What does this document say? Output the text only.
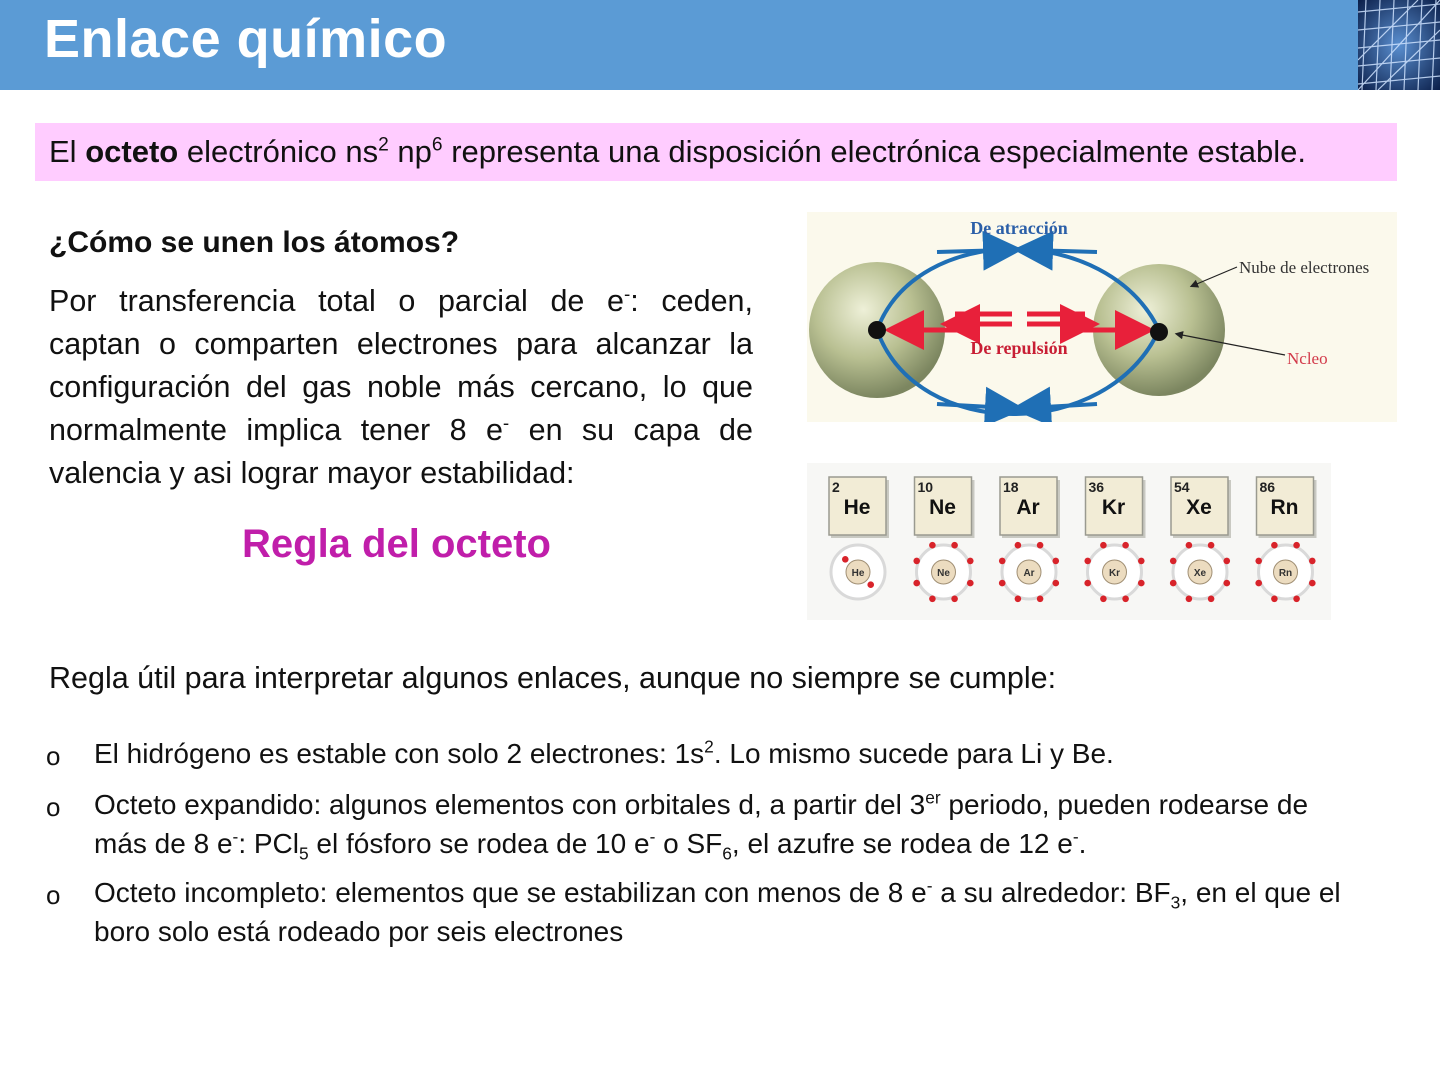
Enlace químico
El octeto electrónico $ns^2$ $np^6$ representa una disposición electrónica especialmente estable.
¿Cómo se unen los átomos?

Por transferencia total o parcial de e-: ceden, captan o comparten electrones para alcanzar la configuración del gas noble más cercano, lo que normalmente implica tener 8 e- en su capa de valencia y asi lograr mayor estabilidad:

Regla del octeto
De atracción
De repulsión
Nube de electrones
Ncleo
2
He
He
10
Ne
Ne
18
Ar
Ar
36
Kr
Kr
54
Xe
Xe
86
Rn
Rn

Regla útil para interpretar algunos enlaces, aunque no siempre se cumple:

o El hidrógeno es estable con solo 2 electrones: $1s^2$. Lo mismo sucede para Li y Be.
o Octeto expandido: algunos elementos con orbitales d, a partir del 3er periodo, pueden rodearse de más de 8 e-: PCl$_5$ el fósforo se rodea de 10 e- o $SF_6$, el azufre se rodea de 12 e-.
o Octeto incompleto: elementos que se estabilizan con menos de 8 e- a su alrededor: $BF_3$, en el que el boro solo está rodeado por seis electrones
